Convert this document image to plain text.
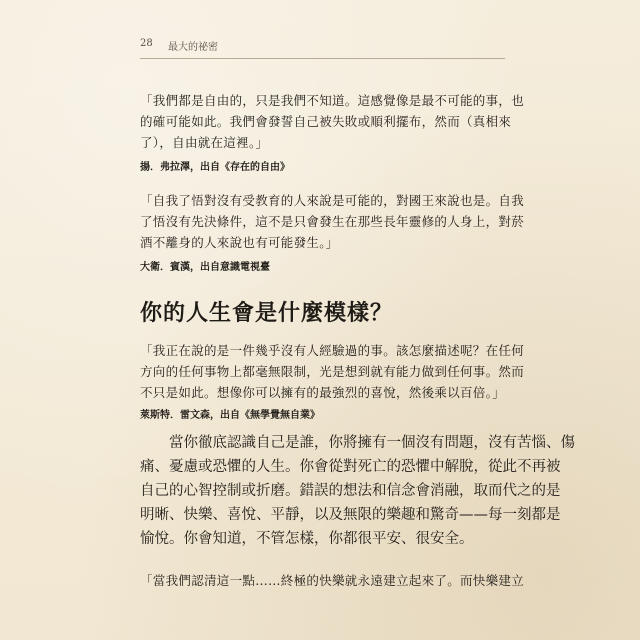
28 最大的祕密
「我們都是自由的，只是我們不知道。這感覺像是最不可能的事，也
的確可能如此。我們會發誓自己被失敗或順利擺布，然而（真相來
了），自由就在這裡。」
揚．弗拉澤，出自《存在的自由》
「自我了悟對沒有受教育的人來說是可能的，對國王來說也是。自我
了悟沒有先決條件，這不是只會發生在那些長年靈修的人身上，對菸
酒不離身的人來說也有可能發生。」
大衛．賓漢，出自意識電視臺
你的人生會是什麼模樣？
「我正在說的是一件幾乎沒有人經驗過的事。該怎麼描述呢？在任何
方向的任何事物上都毫無限制，光是想到就有能力做到任何事。然而
不只是如此。想像你可以擁有的最強烈的喜悅，然後乘以百倍。」
萊斯特．雷文森，出自《無學覺無自業》
　　當你徹底認識自己是誰，你將擁有一個沒有問題，沒有苦惱、傷
痛、憂慮或恐懼的人生。你會從對死亡的恐懼中解脫，從此不再被
自己的心智控制或折磨。錯誤的想法和信念會消融，取而代之的是
明晰、快樂、喜悅、平靜，以及無限的樂趣和驚奇——每一刻都是
愉悅。你會知道，不管怎樣，你都很平安、很安全。
「當我們認清這一點……終極的快樂就永遠建立起來了。而快樂建立
